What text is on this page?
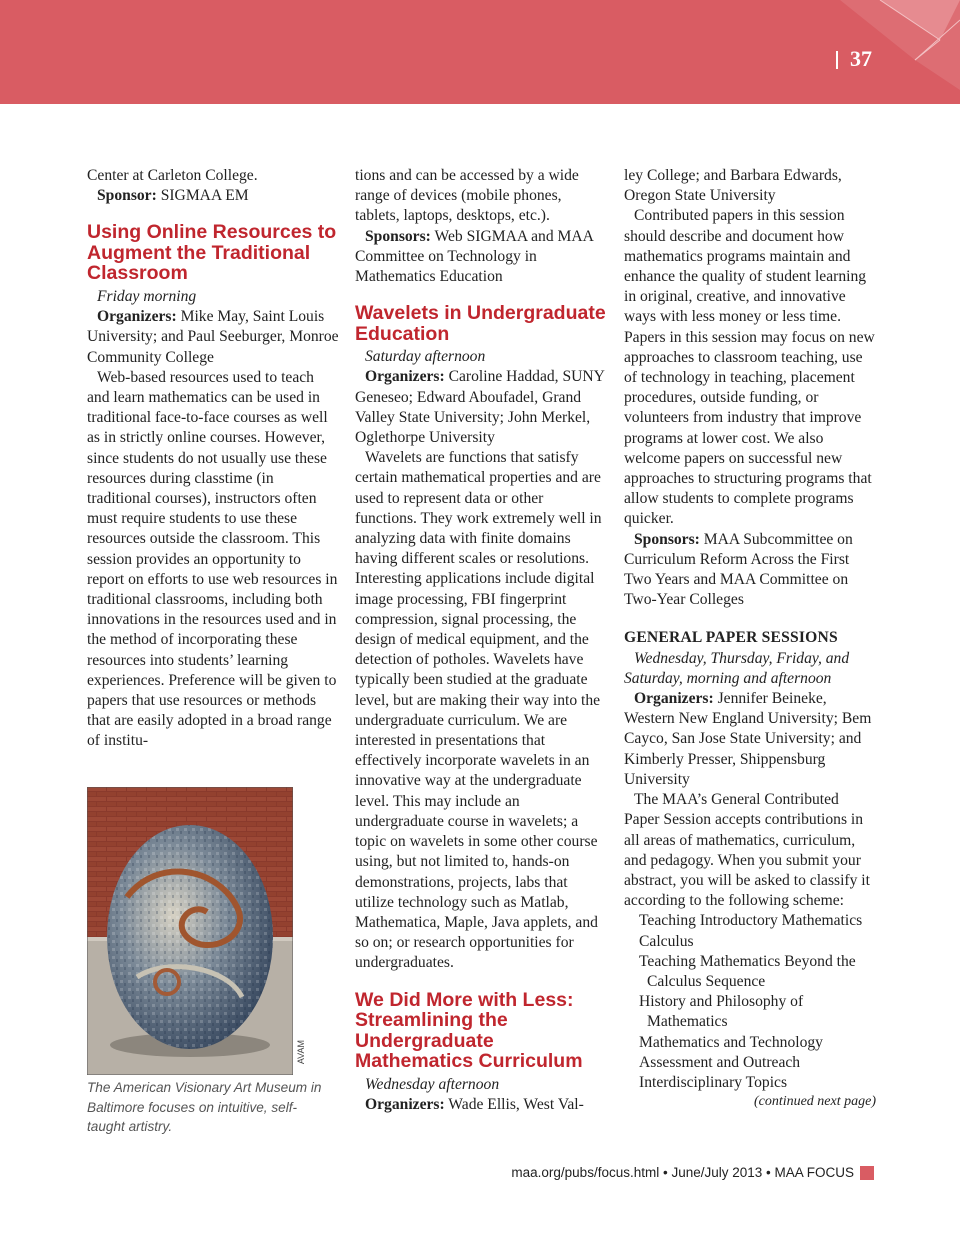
37

Center at Carleton College.

Sponsor: SIGMAA EM

Using Online Resources to Augment the Traditional Classroom

Friday morning

Organizers: Mike May, Saint Louis University; and Paul Seeburger, Monroe Community College

Web-based resources used to teach and learn mathematics can be used in traditional face-to-face courses as well as in strictly online courses. However, since students do not usually use these resources during classtime (in traditional courses), instructors often must require students to use these resources outside the classroom. This session provides an opportunity to report on efforts to use web resources in traditional classrooms, including both innovations in the resources used and in the method of incorporating these resources into students’ learning experiences. Preference will be given to papers that use resources or methods that are easily adopted in a broad range of institu-

AVAM
The American Visionary Art Museum in Baltimore focuses on intuitive, self-taught artistry.

tions and can be accessed by a wide range of devices (mobile phones, tablets, laptops, desktops, etc.).

Sponsors: Web SIGMAA and MAA Committee on Technology in Mathematics Education

Wavelets in Undergraduate Education

Saturday afternoon

Organizers: Caroline Haddad, SUNY Geneseo; Edward Aboufadel, Grand Valley State University; John Merkel, Oglethorpe University

Wavelets are functions that satisfy certain mathematical properties and are used to represent data or other functions. They work extremely well in analyzing data with finite domains having different scales or resolutions. Interesting applications include digital image processing, FBI fingerprint compression, signal processing, the design of medical equipment, and the detection of potholes. Wavelets have typically been studied at the graduate level, but are making their way into the undergraduate curriculum. We are interested in presentations that effectively incorporate wavelets in an innovative way at the undergraduate level. This may include an undergraduate course in wavelets; a topic on wavelets in some other course using, but not limited to, hands-on demonstrations, projects, labs that utilize technology such as Matlab, Mathematica, Maple, Java applets, and so on; or research opportunities for undergraduates.

We Did More with Less: Streamlining the Undergraduate Mathematics Curriculum

Wednesday afternoon

Organizers: Wade Ellis, West Val-

ley College; and Barbara Edwards, Oregon State University

Contributed papers in this session should describe and document how mathematics programs maintain and enhance the quality of student learning in original, creative, and innovative ways with less money or less time. Papers in this session may focus on new approaches to classroom teaching, use of technology in teaching, placement procedures, outside funding, or volunteers from industry that improve programs at lower cost. We also welcome papers on successful new approaches to structuring programs that allow students to complete programs quicker.

Sponsors: MAA Subcommittee on Curriculum Reform Across the First Two Years and MAA Committee on Two-Year Colleges

GENERAL PAPER SESSIONS

Wednesday, Thursday, Friday, and Saturday, morning and afternoon

Organizers: Jennifer Beineke, Western New England University; Bem Cayco, San Jose State University; and Kimberly Presser, Shippensburg University

The MAA’s General Contributed Paper Session accepts contributions in all areas of mathematics, curriculum, and pedagogy. When you submit your abstract, you will be asked to classify it according to the following scheme:

Teaching Introductory Mathematics
Calculus
Teaching Mathematics Beyond the Calculus Sequence
History and Philosophy of Mathematics
Mathematics and Technology
Assessment and Outreach
Interdisciplinary Topics

(continued next page)

maa.org/pubs/focus.html • June/July 2013 • MAA FOCUS
